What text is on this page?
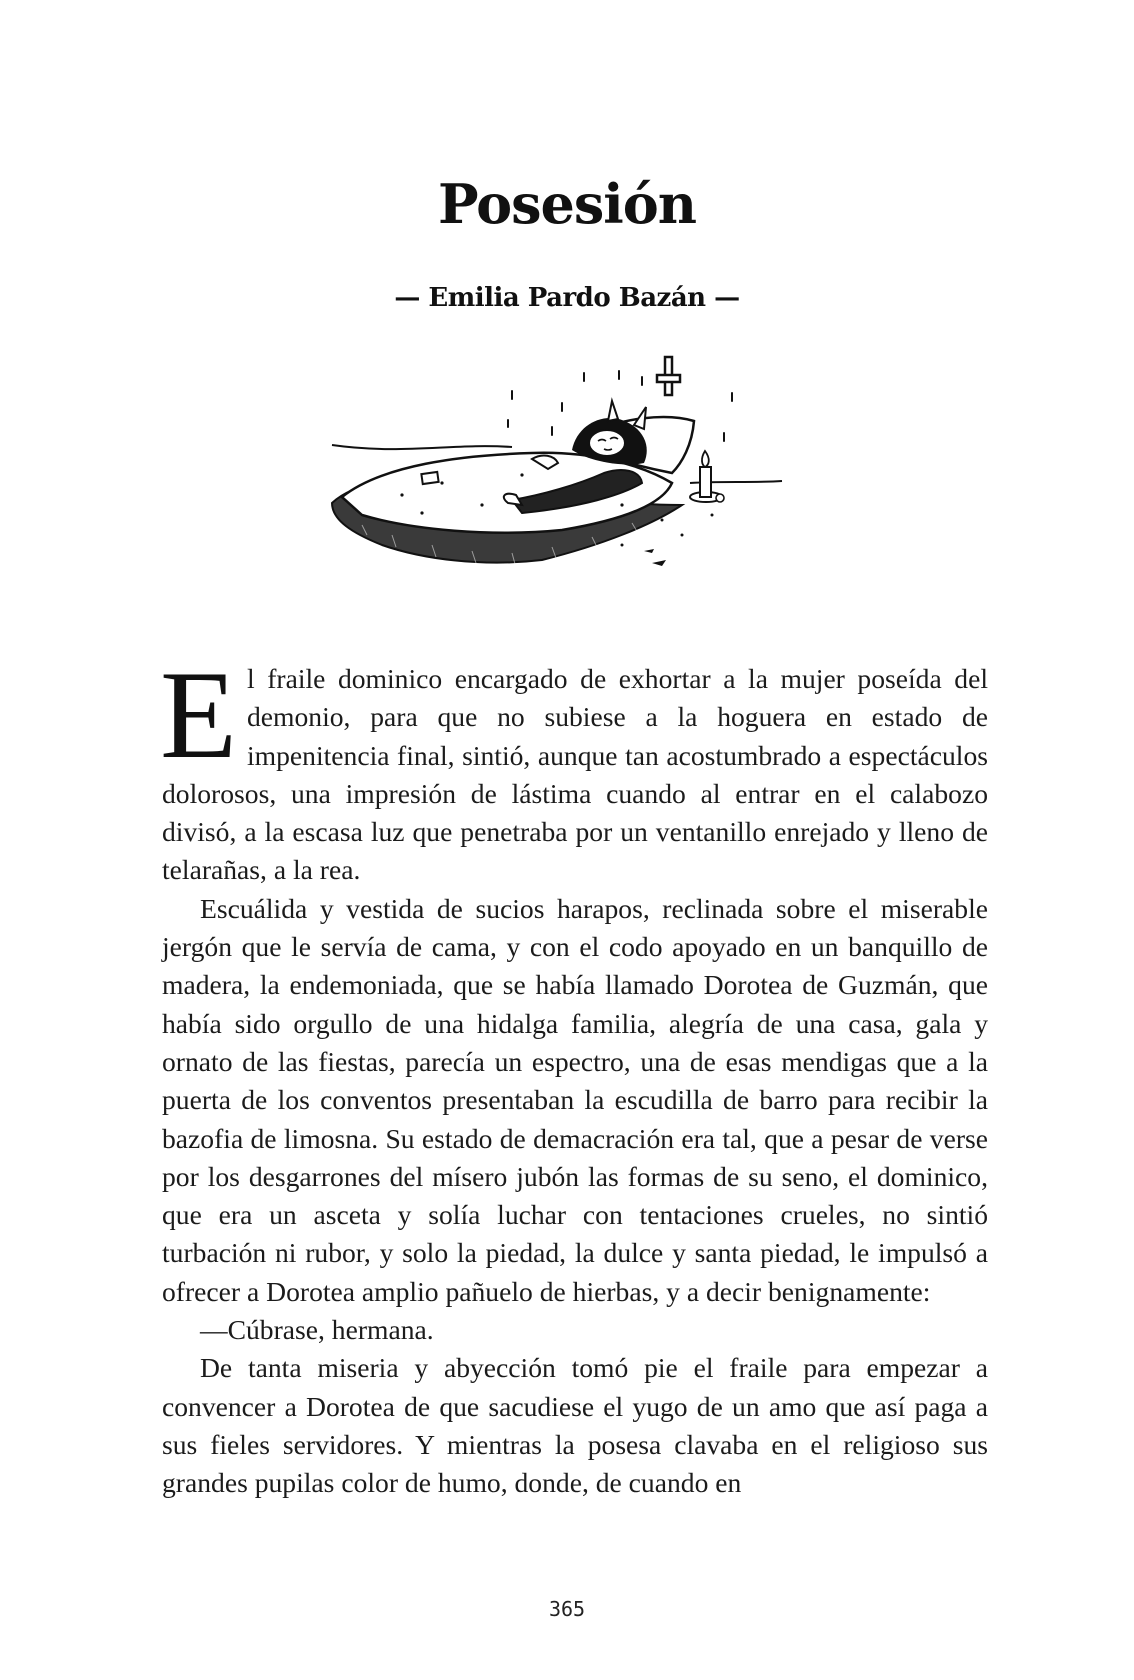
Posesión
— Emilia Pardo Bazán —

El fraile dominico encargado de exhortar a la mujer poseída del demonio, para que no subiese a la hoguera en estado de impenitencia final, sintió, aunque tan acostumbrado a espectáculos dolorosos, una impresión de lástima cuando al entrar en el calabozo divisó, a la escasa luz que penetraba por un ventanillo enrejado y lleno de telarañas, a la rea.

Escuálida y vestida de sucios harapos, reclinada sobre el miserable jergón que le servía de cama, y con el codo apoyado en un banquillo de madera, la endemoniada, que se había llamado Dorotea de Guzmán, que había sido orgullo de una hidalga familia, alegría de una casa, gala y ornato de las fiestas, parecía un espectro, una de esas mendigas que a la puerta de los conventos presentaban la escudilla de barro para recibir la bazofia de limosna. Su estado de demacración era tal, que a pesar de verse por los desgarrones del mísero jubón las formas de su seno, el dominico, que era un asceta y solía luchar con tentaciones crueles, no sintió turbación ni rubor, y solo la piedad, la dulce y santa piedad, le impulsó a ofrecer a Dorotea amplio pañuelo de hierbas, y a decir benignamente:

—Cúbrase, hermana.

De tanta miseria y abyección tomó pie el fraile para empezar a convencer a Dorotea de que sacudiese el yugo de un amo que así paga a sus fieles servidores. Y mientras la posesa clavaba en el religioso sus grandes pupilas color de humo, donde, de cuando en

365
